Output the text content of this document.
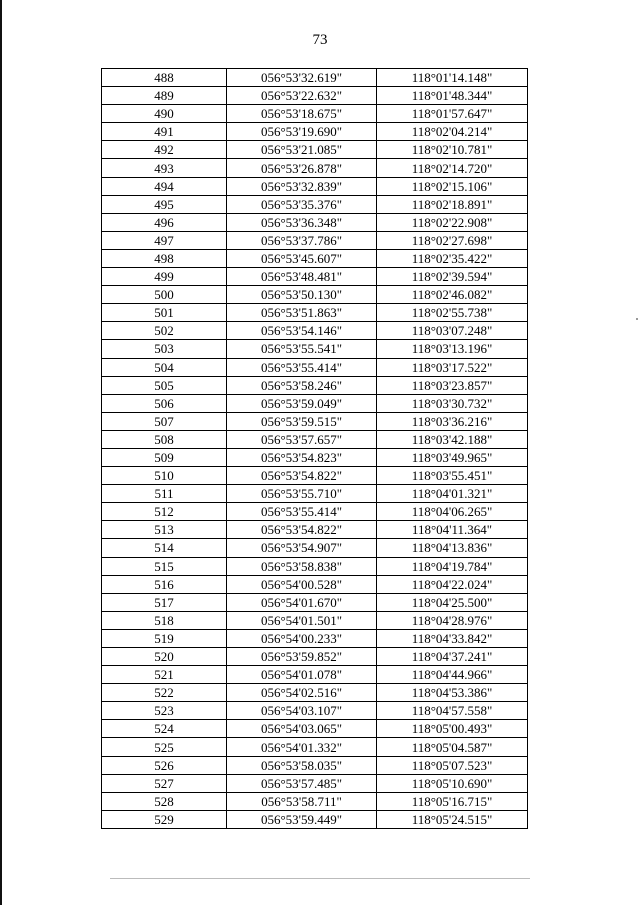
73
488	056°53'32.619"	118°01'14.148"
489	056°53'22.632"	118°01'48.344"
490	056°53'18.675"	118°01'57.647"
491	056°53'19.690"	118°02'04.214"
492	056°53'21.085"	118°02'10.781"
493	056°53'26.878"	118°02'14.720"
494	056°53'32.839"	118°02'15.106"
495	056°53'35.376"	118°02'18.891"
496	056°53'36.348"	118°02'22.908"
497	056°53'37.786"	118°02'27.698"
498	056°53'45.607"	118°02'35.422"
499	056°53'48.481"	118°02'39.594"
500	056°53'50.130"	118°02'46.082"
501	056°53'51.863"	118°02'55.738"
502	056°53'54.146"	118°03'07.248"
503	056°53'55.541"	118°03'13.196"
504	056°53'55.414"	118°03'17.522"
505	056°53'58.246"	118°03'23.857"
506	056°53'59.049"	118°03'30.732"
507	056°53'59.515"	118°03'36.216"
508	056°53'57.657"	118°03'42.188"
509	056°53'54.823"	118°03'49.965"
510	056°53'54.822"	118°03'55.451"
511	056°53'55.710"	118°04'01.321"
512	056°53'55.414"	118°04'06.265"
513	056°53'54.822"	118°04'11.364"
514	056°53'54.907"	118°04'13.836"
515	056°53'58.838"	118°04'19.784"
516	056°54'00.528"	118°04'22.024"
517	056°54'01.670"	118°04'25.500"
518	056°54'01.501"	118°04'28.976"
519	056°54'00.233"	118°04'33.842"
520	056°53'59.852"	118°04'37.241"
521	056°54'01.078"	118°04'44.966"
522	056°54'02.516"	118°04'53.386"
523	056°54'03.107"	118°04'57.558"
524	056°54'03.065"	118°05'00.493"
525	056°54'01.332"	118°05'04.587"
526	056°53'58.035"	118°05'07.523"
527	056°53'57.485"	118°05'10.690"
528	056°53'58.711"	118°05'16.715"
529	056°53'59.449"	118°05'24.515"
